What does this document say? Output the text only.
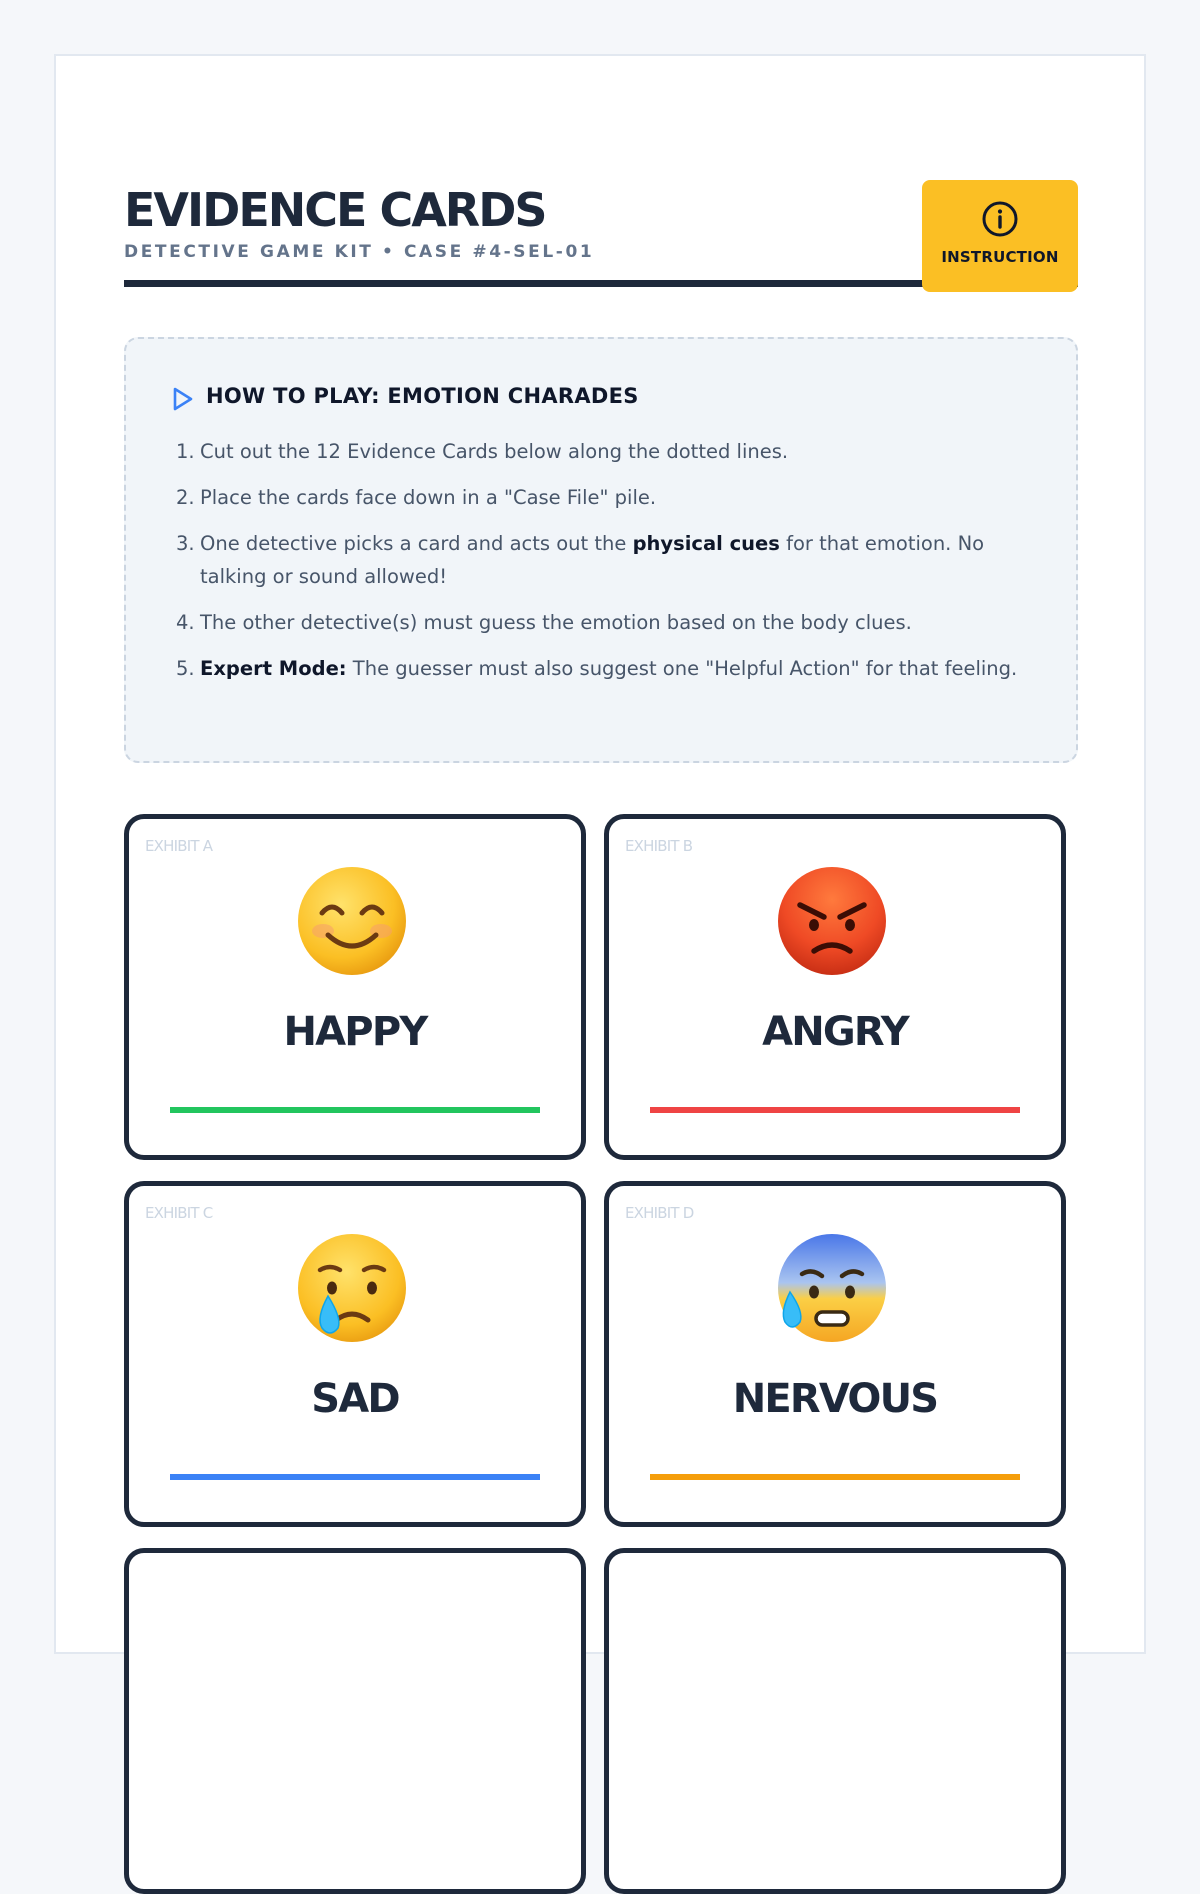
EVIDENCE CARDS
DETECTIVE GAME KIT • CASE #4-SEL-01	INSTRUCTION
HOW TO PLAY: EMOTION CHARADES
1. Cut out the 12 Evidence Cards below along the dotted lines.
2. Place the cards face down in a "Case File" pile.
3. One detective picks a card and acts out the physical cues for that emotion. No talking or sound allowed!
4. The other detective(s) must guess the emotion based on the body clues.
5. Expert Mode: The guesser must also suggest one "Helpful Action" for that feeling.
EXHIBIT A
HAPPY
EXHIBIT B
ANGRY
EXHIBIT C
SAD
EXHIBIT D
NERVOUS
